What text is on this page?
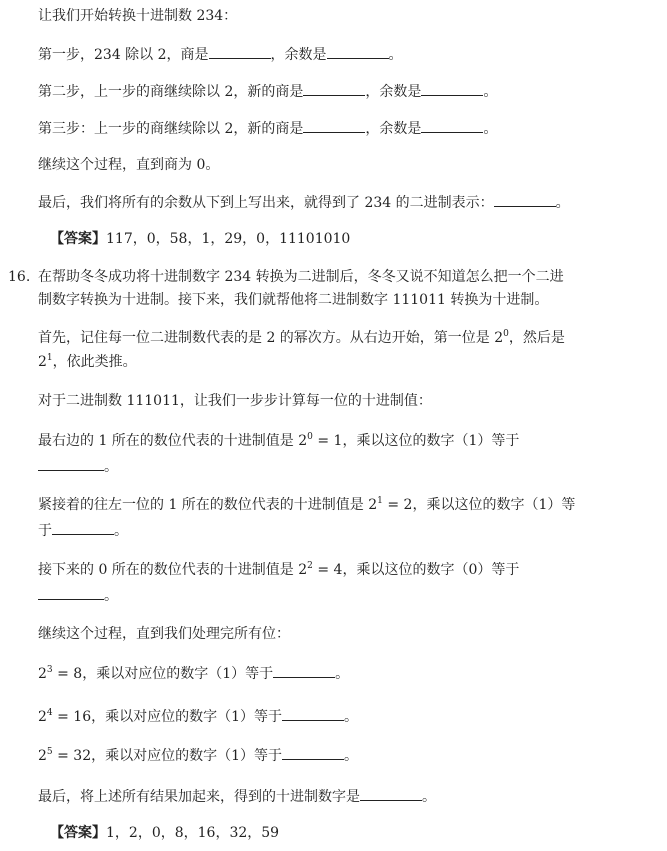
让我们开始转换十进制数 234：
第一步，234 除以 2，商是	，余数是	。
第二步，上一步的商继续除以 2，新的商是	，余数是	。
第三步：上一步的商继续除以 2，新的商是	，余数是	。
继续这个过程，直到商为 0。
最后，我们将所有的余数从下到上写出来，就得到了 234 的二进制表示：	。
【答案】117，0，58，1，29，0，11101010
16. 在帮助冬冬成功将十进制数字 234 转换为二进制后，冬冬又说不知道怎么把一个二进
制数字转换为十进制。接下来，我们就帮他将二进制数字 111011 转换为十进制。
首先，记住每一位二进制数代表的是 2 的幂次方。从右边开始，第一位是 $2^0$，然后是
$2^1$，依此类推。
对于二进制数 111011，让我们一步步计算每一位的十进制值：
最右边的 1 所在的数位代表的十进制值是 $2^0 = 1$，乘以这位的数字（1）等于
。
紧接着的往左一位的 1 所在的数位代表的十进制值是 $2^1 = 2$，乘以这位的数字（1）等
于	。
接下来的 0 所在的数位代表的十进制值是 $2^2 = 4$，乘以这位的数字（0）等于
。
继续这个过程，直到我们处理完所有位：
$2^3 = 8$，乘以对应位的数字（1）等于	。
$2^4 = 16$，乘以对应位的数字（1）等于	。
$2^5 = 32$，乘以对应位的数字（1）等于	。
最后，将上述所有结果加起来，得到的十进制数字是	。
【答案】1，2，0，8，16，32，59
